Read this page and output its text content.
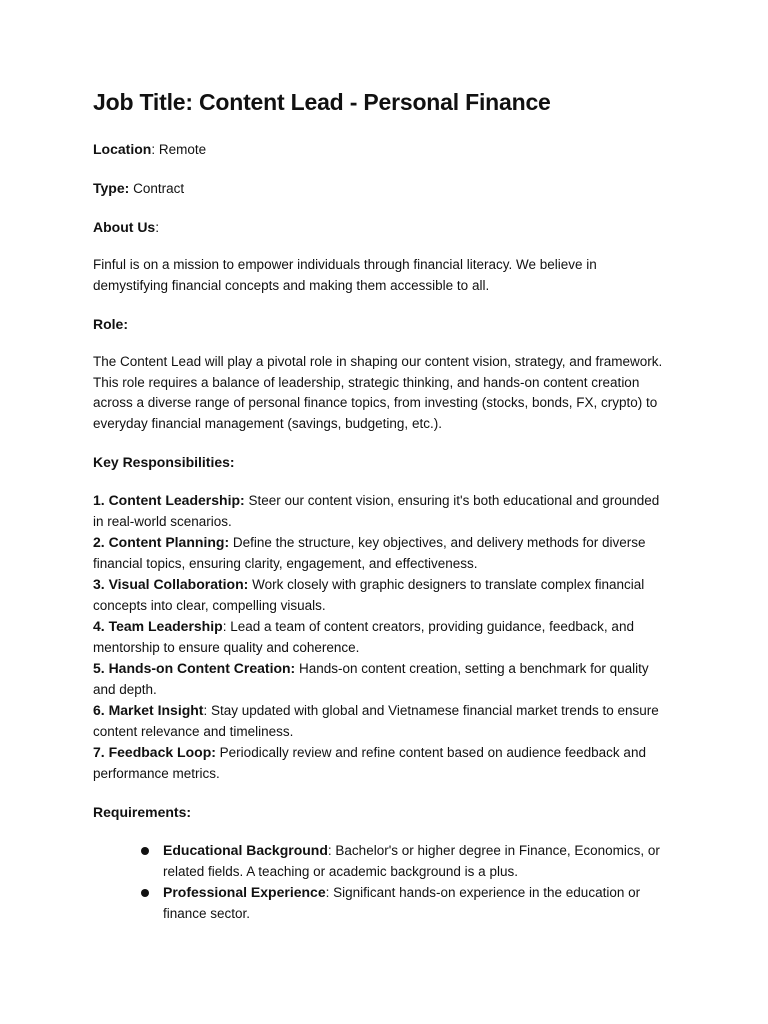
Job Title: Content Lead - Personal Finance

Location: Remote

Type: Contract

About Us:

Finful is on a mission to empower individuals through financial literacy. We believe in demystifying financial concepts and making them accessible to all.

Role:

The Content Lead will play a pivotal role in shaping our content vision, strategy, and framework. This role requires a balance of leadership, strategic thinking, and hands-on content creation across a diverse range of personal finance topics, from investing (stocks, bonds, FX, crypto) to everyday financial management (savings, budgeting, etc.).

Key Responsibilities:

1. Content Leadership: Steer our content vision, ensuring it's both educational and grounded in real-world scenarios.
2. Content Planning: Define the structure, key objectives, and delivery methods for diverse financial topics, ensuring clarity, engagement, and effectiveness.
3. Visual Collaboration: Work closely with graphic designers to translate complex financial concepts into clear, compelling visuals.
4. Team Leadership: Lead a team of content creators, providing guidance, feedback, and mentorship to ensure quality and coherence.
5. Hands-on Content Creation: Hands-on content creation, setting a benchmark for quality and depth.
6. Market Insight: Stay updated with global and Vietnamese financial market trends to ensure content relevance and timeliness.
7. Feedback Loop: Periodically review and refine content based on audience feedback and performance metrics.

Requirements:

Educational Background: Bachelor's or higher degree in Finance, Economics, or related fields. A teaching or academic background is a plus.
Professional Experience: Significant hands-on experience in the education or finance sector.
